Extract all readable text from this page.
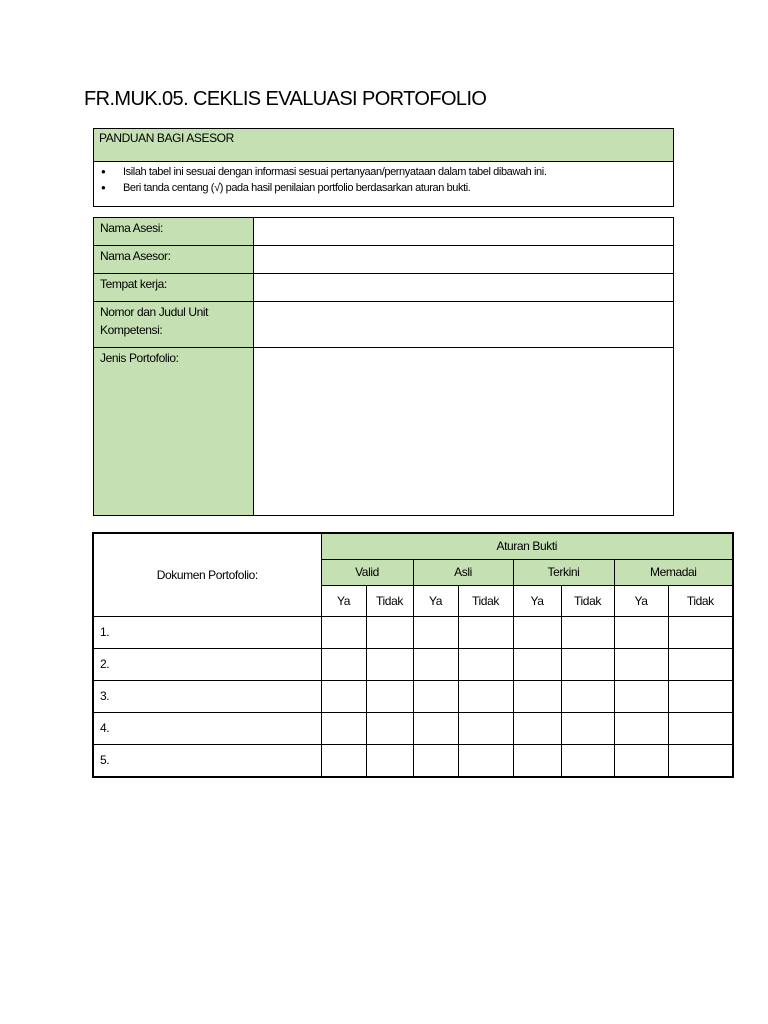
FR.MUK.05. CEKLIS EVALUASI PORTOFOLIO
PANDUAN BAGI ASESOR

● Isilah tabel ini sesuai dengan informasi sesuai pertanyaan/pernyataan dalam tabel dibawah ini.
● Beri tanda centang (√) pada hasil penilaian portfolio berdasarkan aturan bukti.
Nama Asesi:	
Nama Asesor:	
Tempat kerja:	
Nomor dan Judul Unit Kompetensi:	
Jenis Portofolio:	
Dokumen Portofolio:	Aturan Bukti							
	Valid		Asli		Terkini		Memadai	
	Ya	Tidak	Ya	Tidak	Ya	Tidak	Ya	Tidak
1.								
2.								
3.								
4.								
5.								
